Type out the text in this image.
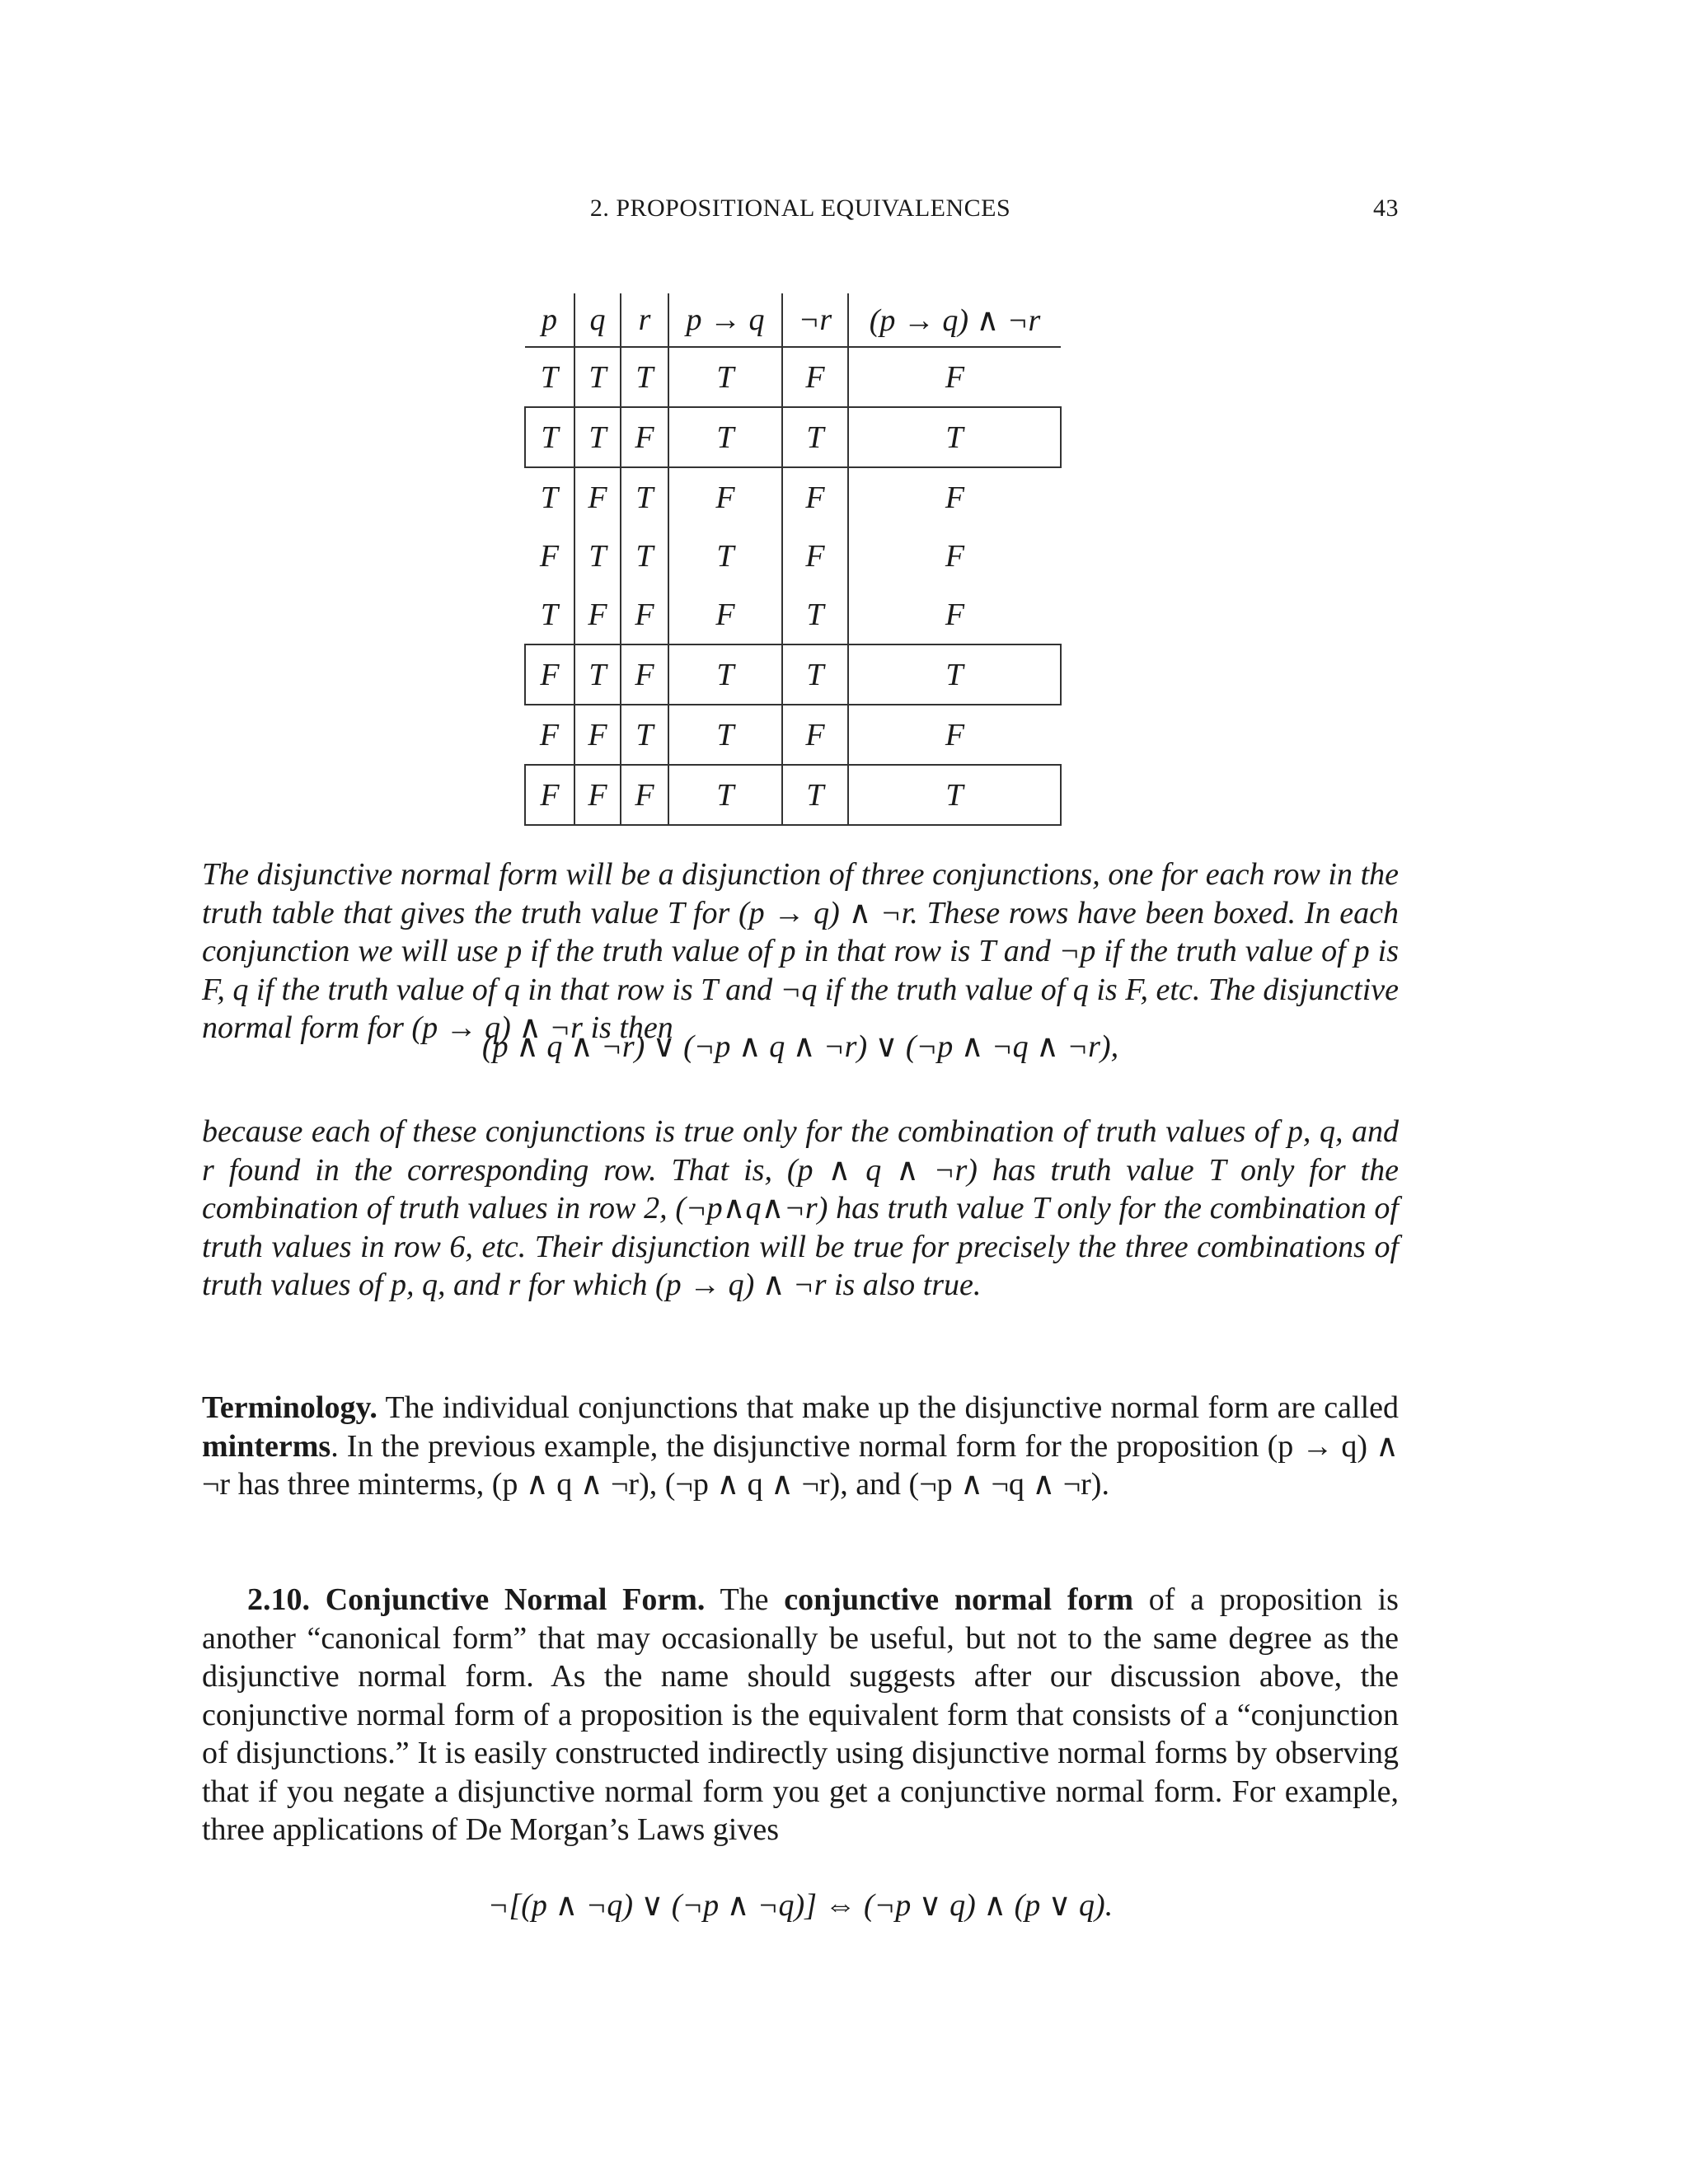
2. PROPOSITIONAL EQUIVALENCES	43
p	q	r	p → q	¬r	(p → q) ∧ ¬r
T	T	T	T	F	F
T	T	F	T	T	T
T	F	T	F	F	F
F	T	T	T	F	F
T	F	F	F	T	F
F	T	F	T	T	T
F	F	T	T	F	F
F	F	F	T	T	T
The disjunctive normal form will be a disjunction of three conjunctions, one for each row in the truth table that gives the truth value T for (p → q) ∧ ¬r. These rows have been boxed. In each conjunction we will use p if the truth value of p in that row is T and ¬p if the truth value of p is F, q if the truth value of q in that row is T and ¬q if the truth value of q is F, etc. The disjunctive normal form for (p → q) ∧ ¬r is then
(p ∧ q ∧ ¬r) ∨ (¬p ∧ q ∧ ¬r) ∨ (¬p ∧ ¬q ∧ ¬r),
because each of these conjunctions is true only for the combination of truth values of p, q, and r found in the corresponding row. That is, (p ∧ q ∧ ¬r) has truth value T only for the combination of truth values in row 2, (¬p∧q∧¬r) has truth value T only for the combination of truth values in row 6, etc. Their disjunction will be true for precisely the three combinations of truth values of p, q, and r for which (p → q) ∧ ¬r is also true.
Terminology. The individual conjunctions that make up the disjunctive normal form are called minterms. In the previous example, the disjunctive normal form for the proposition (p → q) ∧ ¬r has three minterms, (p ∧ q ∧ ¬r), (¬p ∧ q ∧ ¬r), and (¬p ∧ ¬q ∧ ¬r).
2.10. Conjunctive Normal Form. The conjunctive normal form of a proposition is another “canonical form” that may occasionally be useful, but not to the same degree as the disjunctive normal form. As the name should suggests after our discussion above, the conjunctive normal form of a proposition is the equivalent form that consists of a “conjunction of disjunctions.” It is easily constructed indirectly using disjunctive normal forms by observing that if you negate a disjunctive normal form you get a conjunctive normal form. For example, three applications of De Morgan’s Laws gives
¬[(p ∧ ¬q) ∨ (¬p ∧ ¬q)] ⇔ (¬p ∨ q) ∧ (p ∨ q).
